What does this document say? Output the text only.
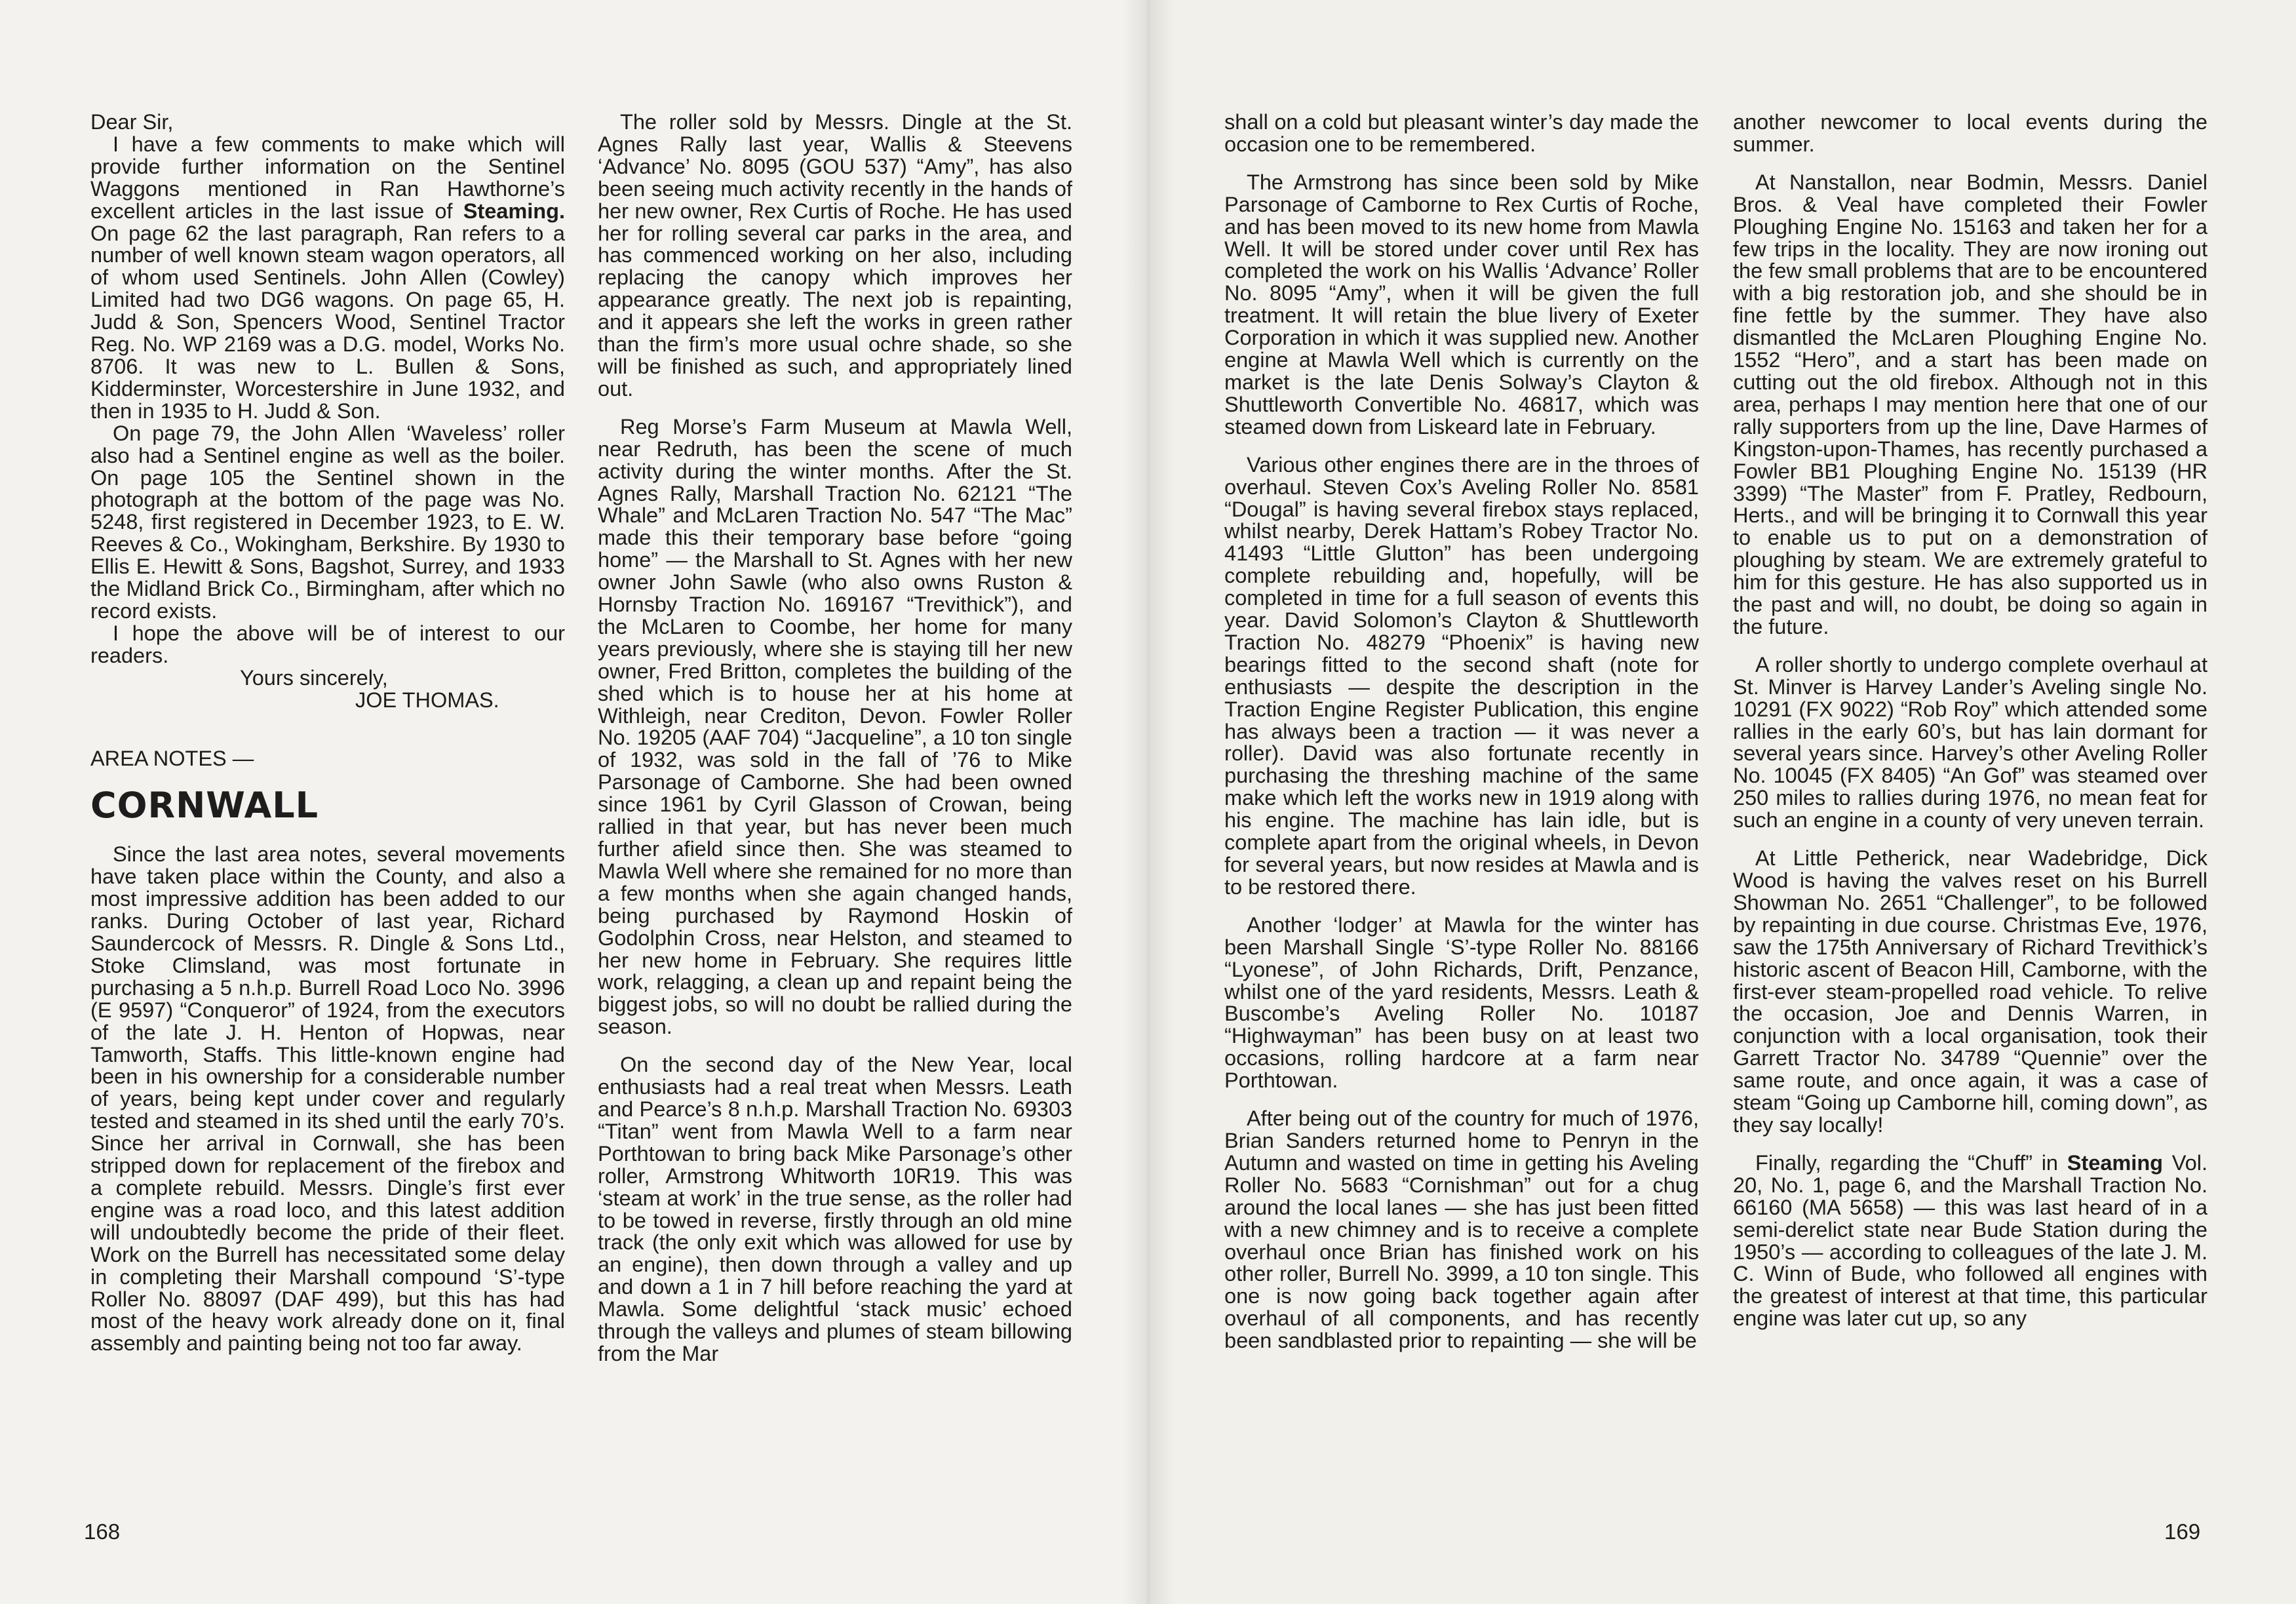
Dear Sir,

I have a few comments to make which will provide further information on the Sentinel Waggons mentioned in Ran Hawthorne’s excellent articles in the last issue of Steaming. On page 62 the last paragraph, Ran refers to a number of well known steam wagon operators, all of whom used Sentinels. John Allen (Cowley) Limited had two DG6 wagons. On page 65, H. Judd & Son, Spencers Wood, Sentinel Tractor Reg. No. WP 2169 was a D.G. model, Works No. 8706. It was new to L. Bullen & Sons, Kidderminster, Worcestershire in June 1932, and then in 1935 to H. Judd & Son.

On page 79, the John Allen ‘Waveless’ roller also had a Sentinel engine as well as the boiler. On page 105 the Sentinel shown in the photograph at the bottom of the page was No. 5248, first registered in December 1923, to E. W. Reeves & Co., Wokingham, Berkshire. By 1930 to Ellis E. Hewitt & Sons, Bagshot, Surrey, and 1933 the Midland Brick Co., Birmingham, after which no record exists.

I hope the above will be of interest to our readers.

Yours sincerely,

JOE THOMAS.

AREA NOTES —

CORNWALL

Since the last area notes, several movements have taken place within the County, and also a most impressive addition has been added to our ranks. During October of last year, Richard Saundercock of Messrs. R. Dingle & Sons Ltd., Stoke Climsland, was most fortunate in purchasing a 5 n.h.p. Burrell Road Loco No. 3996 (E 9597) “Conqueror” of 1924, from the executors of the late J. H. Henton of Hopwas, near Tamworth, Staffs. This little-known engine had been in his ownership for a considerable number of years, being kept under cover and regularly tested and steamed in its shed until the early 70’s. Since her arrival in Cornwall, she has been stripped down for replacement of the firebox and a complete rebuild. Messrs. Dingle’s first ever engine was a road loco, and this latest addition will undoubtedly become the pride of their fleet. Work on the Burrell has necessitated some delay in completing their Marshall compound ‘S’-type Roller No. 88097 (DAF 499), but this has had most of the heavy work already done on it, final assembly and painting being not too far away.

The roller sold by Messrs. Dingle at the St. Agnes Rally last year, Wallis & Steevens ‘Advance’ No. 8095 (GOU 537) “Amy”, has also been seeing much activity recently in the hands of her new owner, Rex Curtis of Roche. He has used her for rolling several car parks in the area, and has commenced working on her also, including replacing the canopy which improves her appearance greatly. The next job is repainting, and it appears she left the works in green rather than the firm’s more usual ochre shade, so she will be finished as such, and appropriately lined out.

Reg Morse’s Farm Museum at Mawla Well, near Redruth, has been the scene of much activity during the winter months. After the St. Agnes Rally, Marshall Traction No. 62121 “The Whale” and McLaren Traction No. 547 “The Mac” made this their temporary base before “going home” — the Marshall to St. Agnes with her new owner John Sawle (who also owns Ruston & Hornsby Traction No. 169167 “Trevithick”), and the McLaren to Coombe, her home for many years previously, where she is staying till her new owner, Fred Britton, completes the building of the shed which is to house her at his home at Withleigh, near Crediton, Devon. Fowler Roller No. 19205 (AAF 704) “Jacqueline”, a 10 ton single of 1932, was sold in the fall of ’76 to Mike Parsonage of Camborne. She had been owned since 1961 by Cyril Glasson of Crowan, being rallied in that year, but has never been much further afield since then. She was steamed to Mawla Well where she remained for no more than a few months when she again changed hands, being purchased by Raymond Hoskin of Godolphin Cross, near Helston, and steamed to her new home in February. She requires little work, relagging, a clean up and repaint being the biggest jobs, so will no doubt be rallied during the season.

On the second day of the New Year, local enthusiasts had a real treat when Messrs. Leath and Pearce’s 8 n.h.p. Marshall Traction No. 69303 “Titan” went from Mawla Well to a farm near Porthtowan to bring back Mike Parsonage’s other roller, Armstrong Whitworth 10R19. This was ‘steam at work’ in the true sense, as the roller had to be towed in reverse, firstly through an old mine track (the only exit which was allowed for use by an engine), then down through a valley and up and down a 1 in 7 hill before reaching the yard at Mawla. Some delightful ‘stack music’ echoed through the valleys and plumes of steam billowing from the Mar

shall on a cold but pleasant winter’s day made the occasion one to be remembered.

The Armstrong has since been sold by Mike Parsonage of Camborne to Rex Curtis of Roche, and has been moved to its new home from Mawla Well. It will be stored under cover until Rex has completed the work on his Wallis ‘Advance’ Roller No. 8095 “Amy”, when it will be given the full treatment. It will retain the blue livery of Exeter Corporation in which it was supplied new. Another engine at Mawla Well which is currently on the market is the late Denis Solway’s Clayton & Shuttleworth Convertible No. 46817, which was steamed down from Liskeard late in February.

Various other engines there are in the throes of overhaul. Steven Cox’s Aveling Roller No. 8581 “Dougal” is having several firebox stays replaced, whilst nearby, Derek Hattam’s Robey Tractor No. 41493 “Little Glutton” has been undergoing complete rebuilding and, hopefully, will be completed in time for a full season of events this year. David Solomon’s Clayton & Shuttleworth Traction No. 48279 “Phoenix” is having new bearings fitted to the second shaft (note for enthusiasts — despite the description in the Traction Engine Register Publication, this engine has always been a traction — it was never a roller). David was also fortunate recently in purchasing the threshing machine of the same make which left the works new in 1919 along with his engine. The machine has lain idle, but is complete apart from the original wheels, in Devon for several years, but now resides at Mawla and is to be restored there.

Another ‘lodger’ at Mawla for the winter has been Marshall Single ‘S’-type Roller No. 88166 “Lyonese”, of John Richards, Drift, Penzance, whilst one of the yard residents, Messrs. Leath & Buscombe’s Aveling Roller No. 10187 “Highwayman” has been busy on at least two occasions, rolling hardcore at a farm near Porthtowan.

After being out of the country for much of 1976, Brian Sanders returned home to Penryn in the Autumn and wasted on time in getting his Aveling Roller No. 5683 “Cornishman” out for a chug around the local lanes — she has just been fitted with a new chimney and is to receive a complete overhaul once Brian has finished work on his other roller, Burrell No. 3999, a 10 ton single. This one is now going back together again after overhaul of all components, and has recently been sandblasted prior to repainting — she will be

another newcomer to local events during the summer.

At Nanstallon, near Bodmin, Messrs. Daniel Bros. & Veal have completed their Fowler Ploughing Engine No. 15163 and taken her for a few trips in the locality. They are now ironing out the few small problems that are to be encountered with a big restoration job, and she should be in fine fettle by the summer. They have also dismantled the McLaren Ploughing Engine No. 1552 “Hero”, and a start has been made on cutting out the old firebox. Although not in this area, perhaps I may mention here that one of our rally supporters from up the line, Dave Harmes of Kingston-upon-Thames, has recently purchased a Fowler BB1 Ploughing Engine No. 15139 (HR 3399) “The Master” from F. Pratley, Redbourn, Herts., and will be bringing it to Cornwall this year to enable us to put on a demonstration of ploughing by steam. We are extremely grateful to him for this gesture. He has also supported us in the past and will, no doubt, be doing so again in the future.

A roller shortly to undergo complete overhaul at St. Minver is Harvey Lander’s Aveling single No. 10291 (FX 9022) “Rob Roy” which attended some rallies in the early 60’s, but has lain dormant for several years since. Harvey’s other Aveling Roller No. 10045 (FX 8405) “An Gof” was steamed over 250 miles to rallies during 1976, no mean feat for such an engine in a county of very uneven terrain.

At Little Petherick, near Wadebridge, Dick Wood is having the valves reset on his Burrell Showman No. 2651 “Challenger”, to be followed by repainting in due course. Christmas Eve, 1976, saw the 175th Anniversary of Richard Trevithick’s historic ascent of Beacon Hill, Camborne, with the first-ever steam-propelled road vehicle. To relive the occasion, Joe and Dennis Warren, in conjunction with a local organisation, took their Garrett Tractor No. 34789 “Quennie” over the same route, and once again, it was a case of steam “Going up Camborne hill, coming down”, as they say locally!

Finally, regarding the “Chuff” in Steaming Vol. 20, No. 1, page 6, and the Marshall Traction No. 66160 (MA 5658) — this was last heard of in a semi-derelict state near Bude Station during the 1950’s — according to colleagues of the late J. M. C. Winn of Bude, who followed all engines with the greatest of interest at that time, this particular engine was later cut up, so any

168	169
